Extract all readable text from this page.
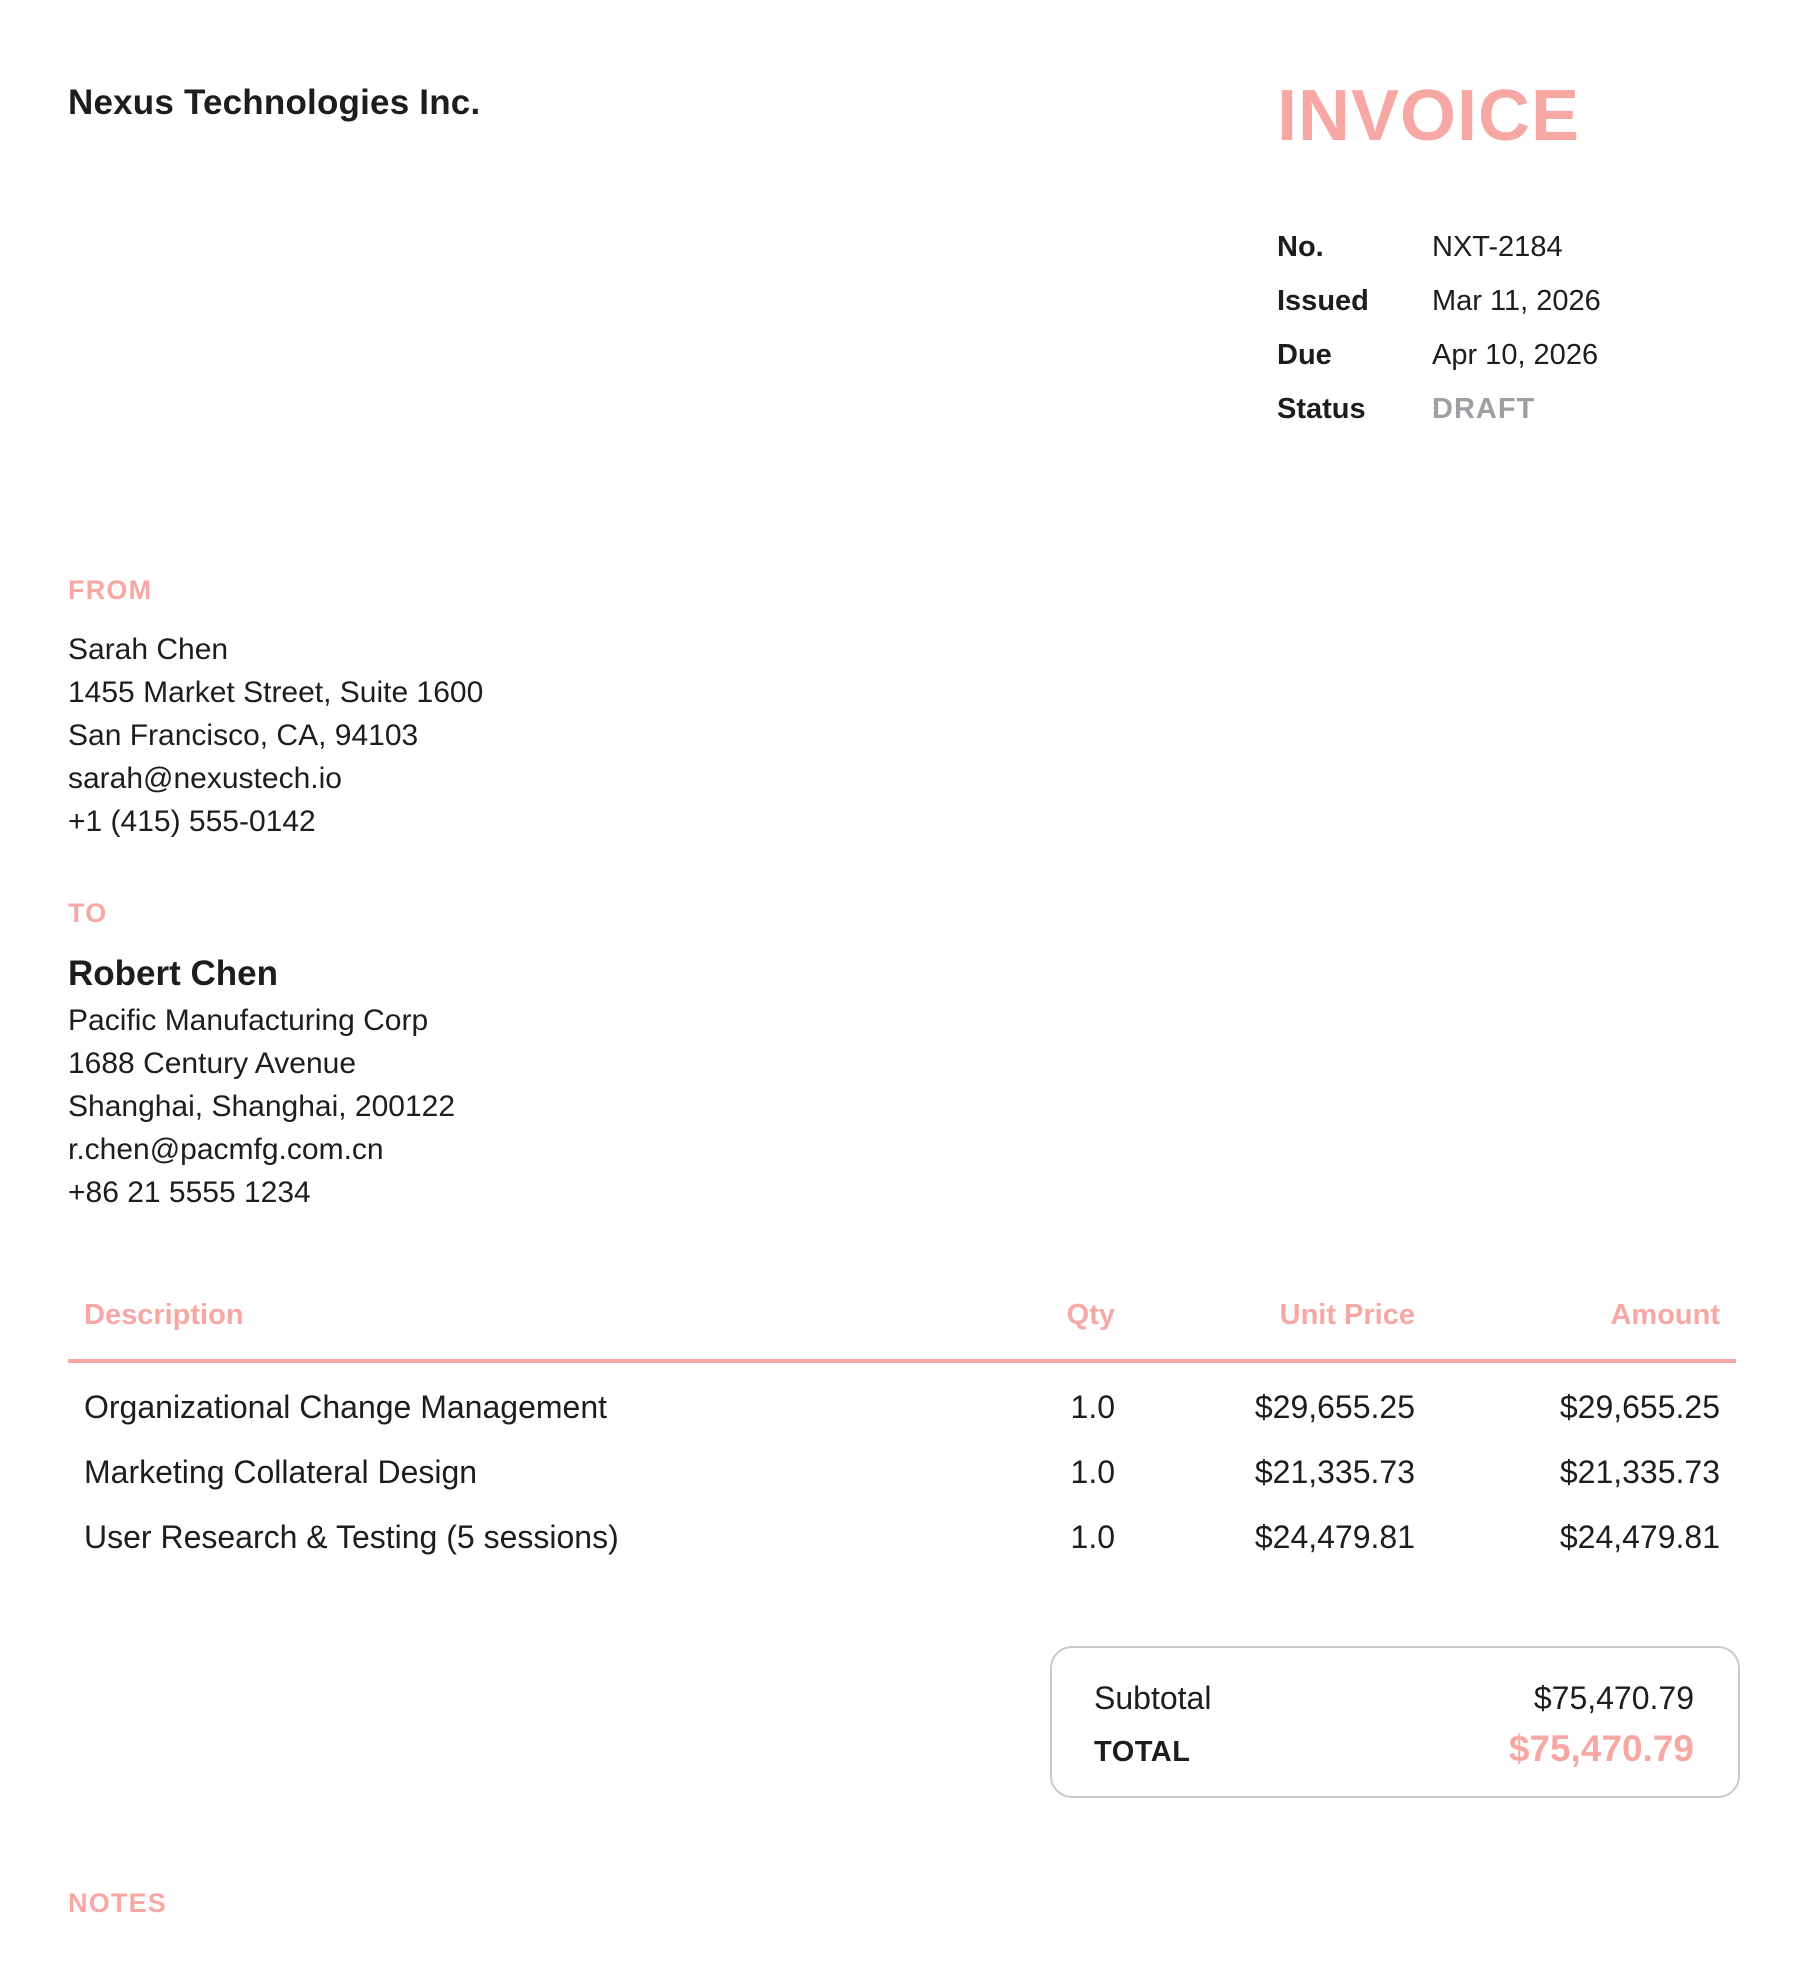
Nexus Technologies Inc.	INVOICE
No.	NXT-2184
Issued	Mar 11, 2026
Due	Apr 10, 2026
Status	DRAFT
FROM
Sarah Chen
1455 Market Street, Suite 1600
San Francisco, CA, 94103
sarah@nexustech.io
+1 (415) 555-0142
TO
Robert Chen
Pacific Manufacturing Corp
1688 Century Avenue
Shanghai, Shanghai, 200122
r.chen@pacmfg.com.cn
+86 21 5555 1234
Description	Qty	Unit Price	Amount
Organizational Change Management	1.0	$29,655.25	$29,655.25
Marketing Collateral Design	1.0	$21,335.73	$21,335.73
User Research & Testing (5 sessions)	1.0	$24,479.81	$24,479.81
Subtotal	$75,470.79
TOTAL	$75,470.79
NOTES
